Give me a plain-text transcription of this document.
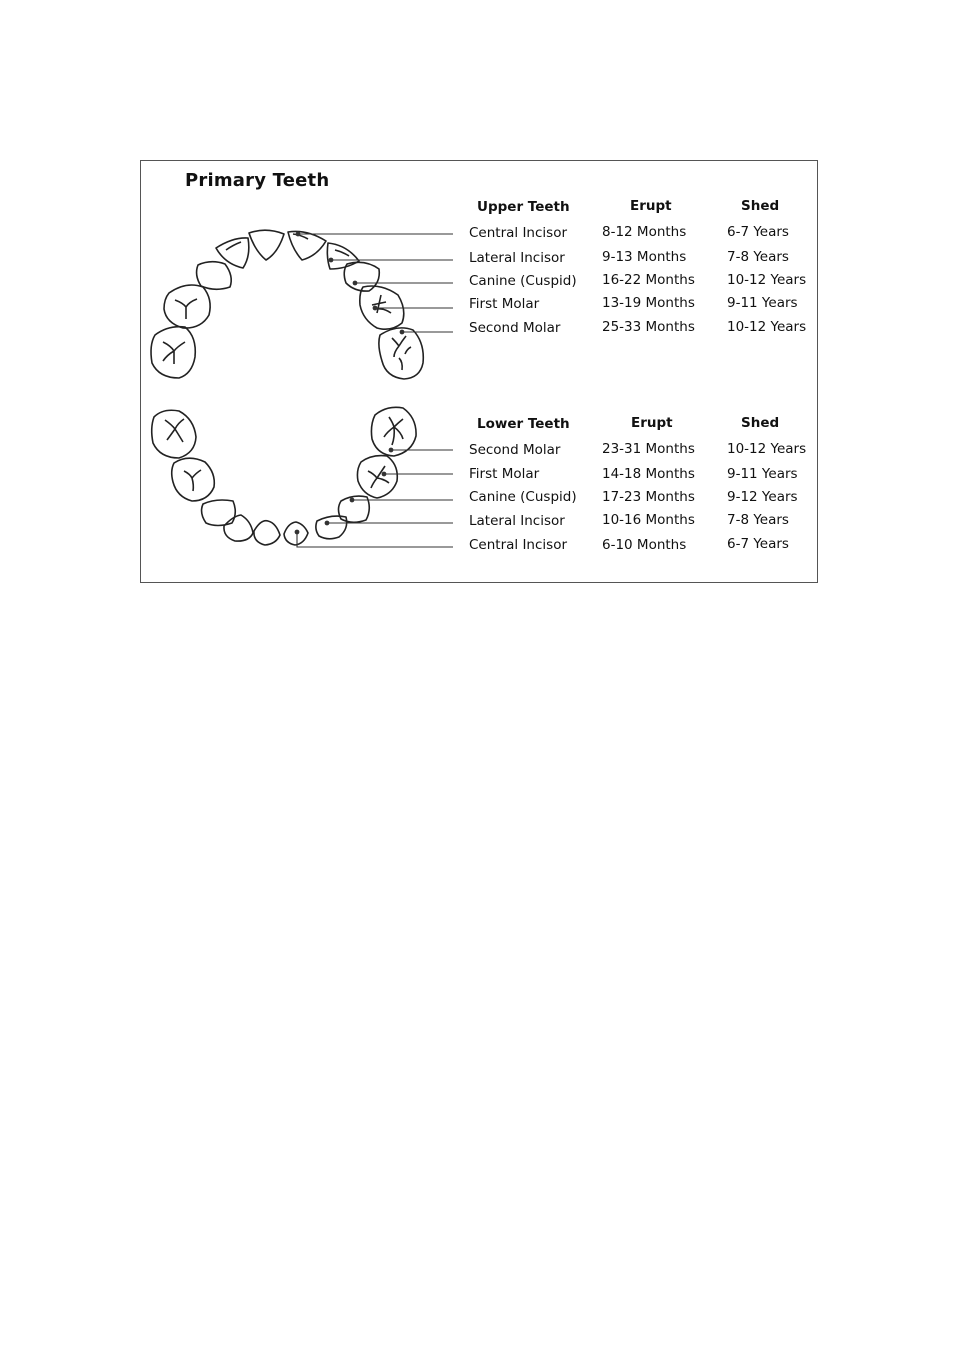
Primary Teeth
Upper Teeth	Erupt	Shed
Central Incisor	8-12 Months	6-7 Years
Lateral Incisor	9-13 Months	7-8 Years
Canine (Cuspid) 16-22 Months 10-12 Years
First Molar	13-19 Months 9-11 Years
Second Molar	25-33 Months 10-12 Years
Lower Teeth	Erupt	Shed
Second Molar	23-31 Months 10-12 Years
First Molar	14-18 Months 9-11 Years
Canine (Cuspid) 17-23 Months 9-12 Years
Lateral Incisor	10-16 Months 7-8 Years
Central Incisor	6-10 Months	6-7 Years
